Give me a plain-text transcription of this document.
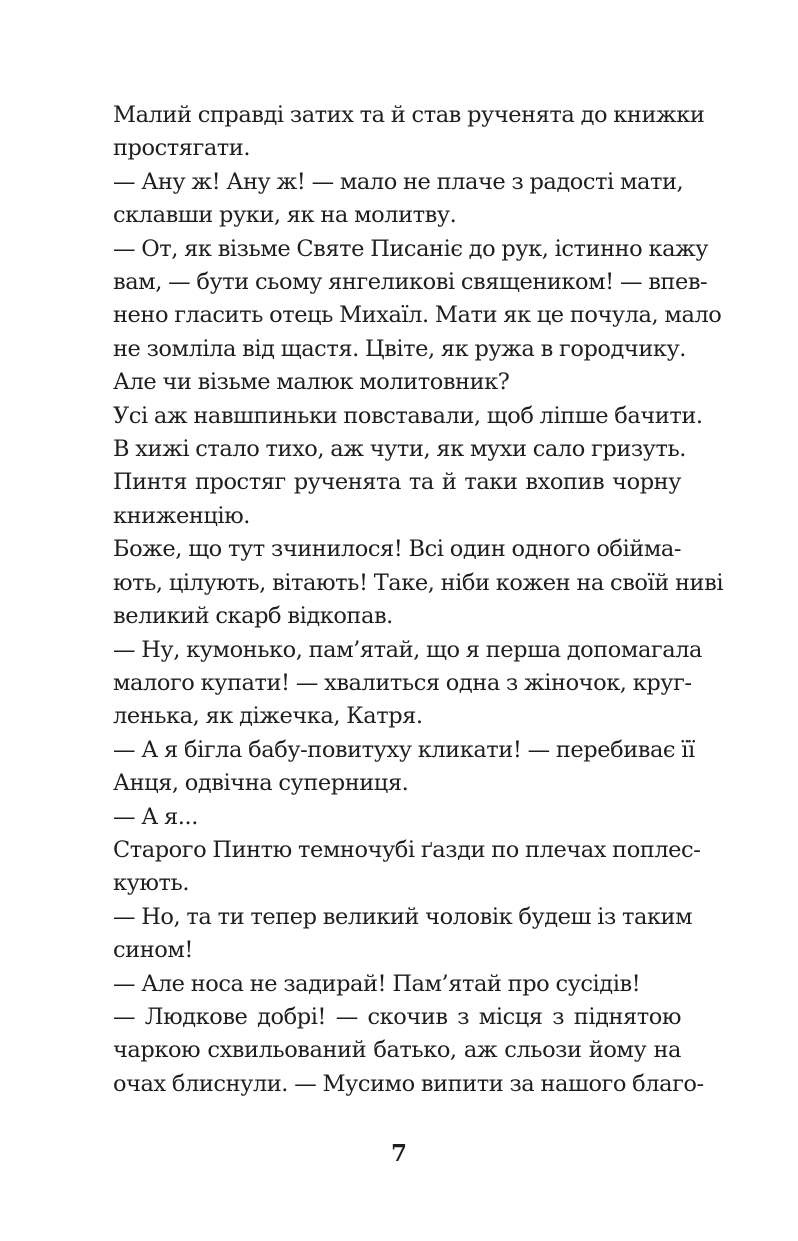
Малий справді затих та й став рученята до книжки
простягати.

— Ану ж! Ану ж! — мало не плаче з радості мати,
склавши руки, як на молитву.

— От, як візьме Святе Писаніє до рук, істинно кажу
вам, — бути сьому янгеликові священиком! — впев-
нено гласить отець Михаїл. Мати як це почула, мало
не зомліла від щастя. Цвіте, як ружа в городчику.

Але чи візьме малюк молитовник?

Усі аж навшпиньки повставали, щоб ліпше бачити.
В хижі стало тихо, аж чути, як мухи сало гризуть.

Пинтя простяг рученята та й таки вхопив чорну
книженцію.

Боже, що тут зчинилося! Всі один одного обійма-
ють, цілують, вітають! Таке, ніби кожен на своїй ниві
великий скарб відкопав.

— Ну, кумонько, пам’ятай, що я перша допомагала
малого купати! — хвалиться одна з жіночок, круг-
ленька, як діжечка, Катря.

— А я бігла бабу-повитуху кликати! — перебиває її
Анця, одвічна суперниця.

— А я...

Старого Пинтю темночубі ґазди по плечах поплес-
кують.

— Но, та ти тепер великий чоловік будеш із таким
сином!

— Але носа не задирай! Пам’ятай про сусідів!

— Людкове добрі! — скочив з місця з піднятою
чаркою схвильований батько, аж сльози йому на
очах блиснули. — Мусимо випити за нашого благо-

7
